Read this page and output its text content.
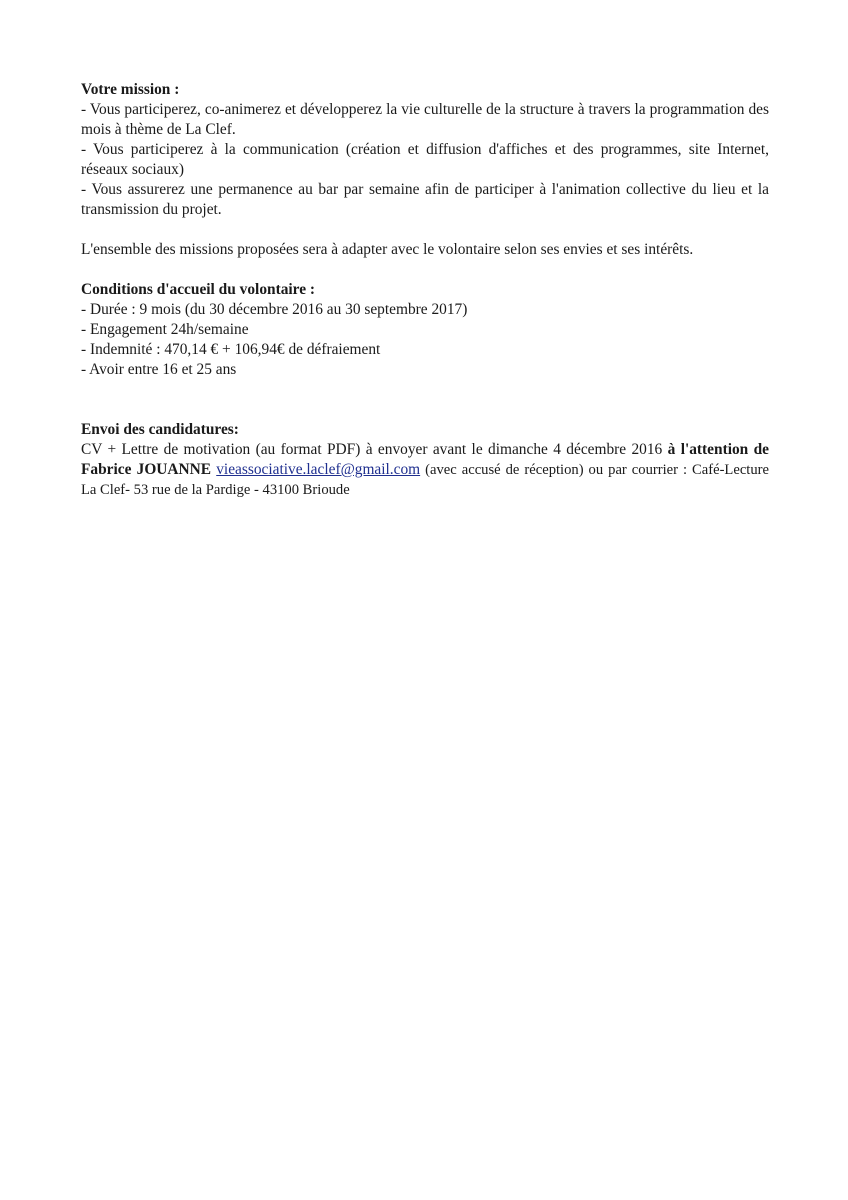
Votre mission :

- Vous participerez, co-animerez et développerez la vie culturelle de la structure à travers la programmation des mois à thème de La Clef.

- Vous participerez à la communication (création et diffusion d'affiches et des programmes, site Internet, réseaux sociaux)

- Vous assurerez une permanence au bar par semaine afin de participer à l'animation collective du lieu et la transmission du projet.

L'ensemble des missions proposées sera à adapter avec le volontaire selon ses envies et ses intérêts.

Conditions d'accueil du volontaire :

- Durée : 9 mois (du 30 décembre 2016 au 30 septembre 2017)

- Engagement 24h/semaine

- Indemnité : 470,14 € + 106,94€ de défraiement

- Avoir entre 16 et 25 ans

Envoi des candidatures:

CV + Lettre de motivation (au format PDF) à envoyer avant le dimanche 4 décembre 2016 à l'attention de Fabrice JOUANNE vieassociative.laclef@gmail.com (avec accusé de réception) ou par courrier : Café-Lecture La Clef- 53 rue de la Pardige - 43100 Brioude
